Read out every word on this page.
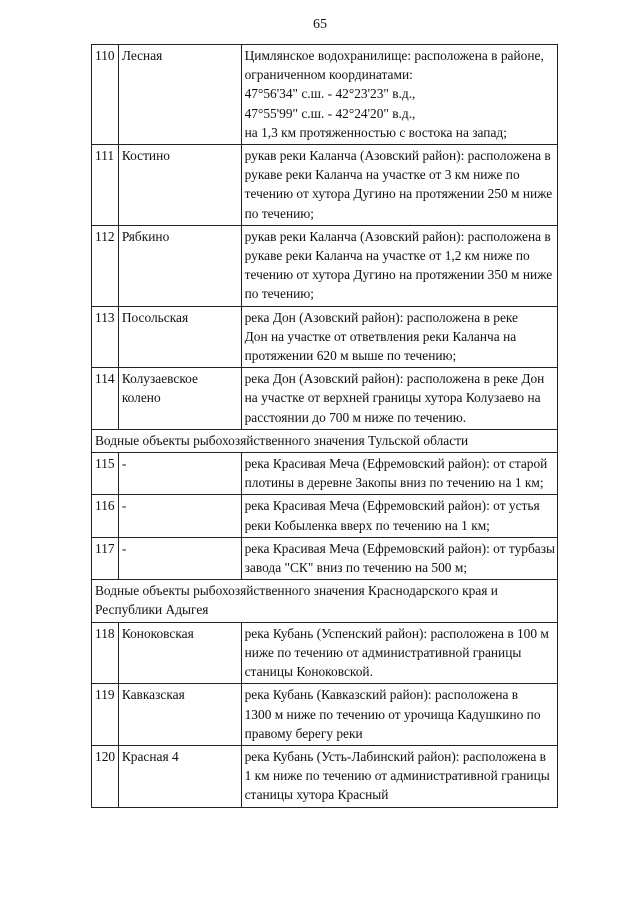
65
110	Лесная	Цимлянское водохранилище: расположена в районе,
ограниченном координатами:
47°56'34" с.ш. - 42°23'23" в.д.,
47°55'99" с.ш. - 42°24'20" в.д.,
на 1,3 км протяженностью с востока на запад;

111	Костино	рукав реки Каланча (Азовский район): расположена в
рукаве реки Каланча на участке от 3 км ниже по
течению от хутора Дугино на протяжении 250 м ниже
по течению;

112	Рябкино	рукав реки Каланча (Азовский район): расположена в
рукаве реки Каланча на участке от 1,2 км ниже по
течению от хутора Дугино на протяжении 350 м ниже
по течению;

113	Посольская	река Дон (Азовский район): расположена в реке
Дон на участке от ответвления реки Каланча на
протяжении 620 м выше по течению;

114	Колузаевское
колено	река Дон (Азовский район): расположена в реке Дон
на участке от верхней границы хутора Колузаево на
расстоянии до 700 м ниже по течению.

Водные объекты рыбохозяйственного значения Тульской области		

115	-	река Красивая Меча (Ефремовский район): от старой
плотины в деревне Закопы вниз по течению на 1 км;

116	-	река Красивая Меча (Ефремовский район): от устья
реки Кобыленка вверх по течению на 1 км;

117	-	река Красивая Меча (Ефремовский район): от турбазы
завода "СК" вниз по течению на 500 м;

Водные объекты рыбохозяйственного значения Краснодарского края и
Республики Адыгея		

118	Коноковская	река Кубань (Успенский район): расположена в 100 м
ниже по течению от административной границы
станицы Коноковской.

119	Кавказская	река Кубань (Кавказский район): расположена в
1300 м ниже по течению от урочища Кадушкино по
правому берегу реки

120	Красная 4	река Кубань (Усть-Лабинский район): расположена в
1 км ниже по течению от административной границы
станицы хутора Красный
